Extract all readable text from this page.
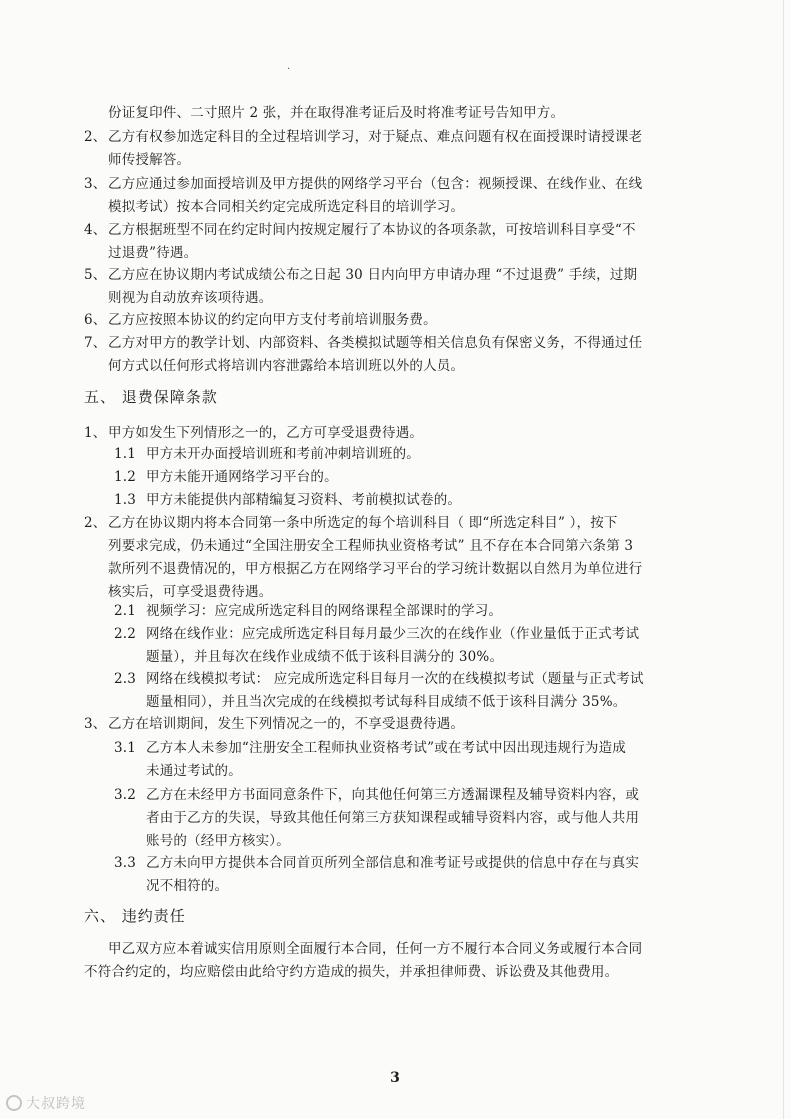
·
份证复印件、二寸照片 2 张，并在取得准考证后及时将准考证号告知甲方。
2、 乙方有权参加选定科目的全过程培训学习，对于疑点、难点问题有权在面授课时请授课老
师传授解答。
3、 乙方应通过参加面授培训及甲方提供的网络学习平台（包含：视频授课、在线作业、在线
模拟考试）按本合同相关约定完成所选定科目的培训学习。
4、 乙方根据班型不同在约定时间内按规定履行了本协议的各项条款，可按培训科目享受“不
过退费”待遇。
5、 乙方应在协议期内考试成绩公布之日起 30 日内向甲方申请办理 “不过退费” 手续，过期
则视为自动放弃该项待遇。
6、 乙方应按照本协议的约定向甲方支付考前培训服务费。
7、 乙方对甲方的教学计划、内部资料、各类模拟试题等相关信息负有保密义务，不得通过任
何方式以任何形式将培训内容泄露给本培训班以外的人员。
五、 退费保障条款
1、 甲方如发生下列情形之一的，乙方可享受退费待遇。
1.1 甲方未开办面授培训班和考前冲刺培训班的。
1.2 甲方未能开通网络学习平台的。
1.3 甲方未能提供内部精编复习资料、考前模拟试卷的。
2、 乙方在协议期内将本合同第一条中所选定的每个培训科目（ 即“所选定科目” ），按下
列要求完成，仍未通过“全国注册安全工程师执业资格考试” 且不存在本合同第六条第 3
款所列不退费情况的，甲方根据乙方在网络学习平台的学习统计数据以自然月为单位进行
核实后，可享受退费待遇。
2.1 视频学习：应完成所选定科目的网络课程全部课时的学习。
2.2 网络在线作业：应完成所选定科目每月最少三次的在线作业（作业量低于正式考试
题量），并且每次在线作业成绩不低于该科目满分的 30%。
2.3 网络在线模拟考试： 应完成所选定科目每月一次的在线模拟考试（题量与正式考试
题量相同），并且当次完成的在线模拟考试每科目成绩不低于该科目满分 35%。
3、 乙方在培训期间，发生下列情况之一的，不享受退费待遇。
3.1 乙方本人未参加“注册安全工程师执业资格考试”或在考试中因出现违规行为造成
未通过考试的。
3.2 乙方在未经甲方书面同意条件下，向其他任何第三方透漏课程及辅导资料内容，或
者由于乙方的失误，导致其他任何第三方获知课程或辅导资料内容，或与他人共用
账号的（经甲方核实）。
3.3 乙方未向甲方提供本合同首页所列全部信息和准考证号或提供的信息中存在与真实
况不相符的。
六、 违约责任
甲乙双方应本着诚实信用原则全面履行本合同，任何一方不履行本合同义务或履行本合同
不符合约定的，均应赔偿由此给守约方造成的损失，并承担律师费、诉讼费及其他费用。
3
大叔跨境
